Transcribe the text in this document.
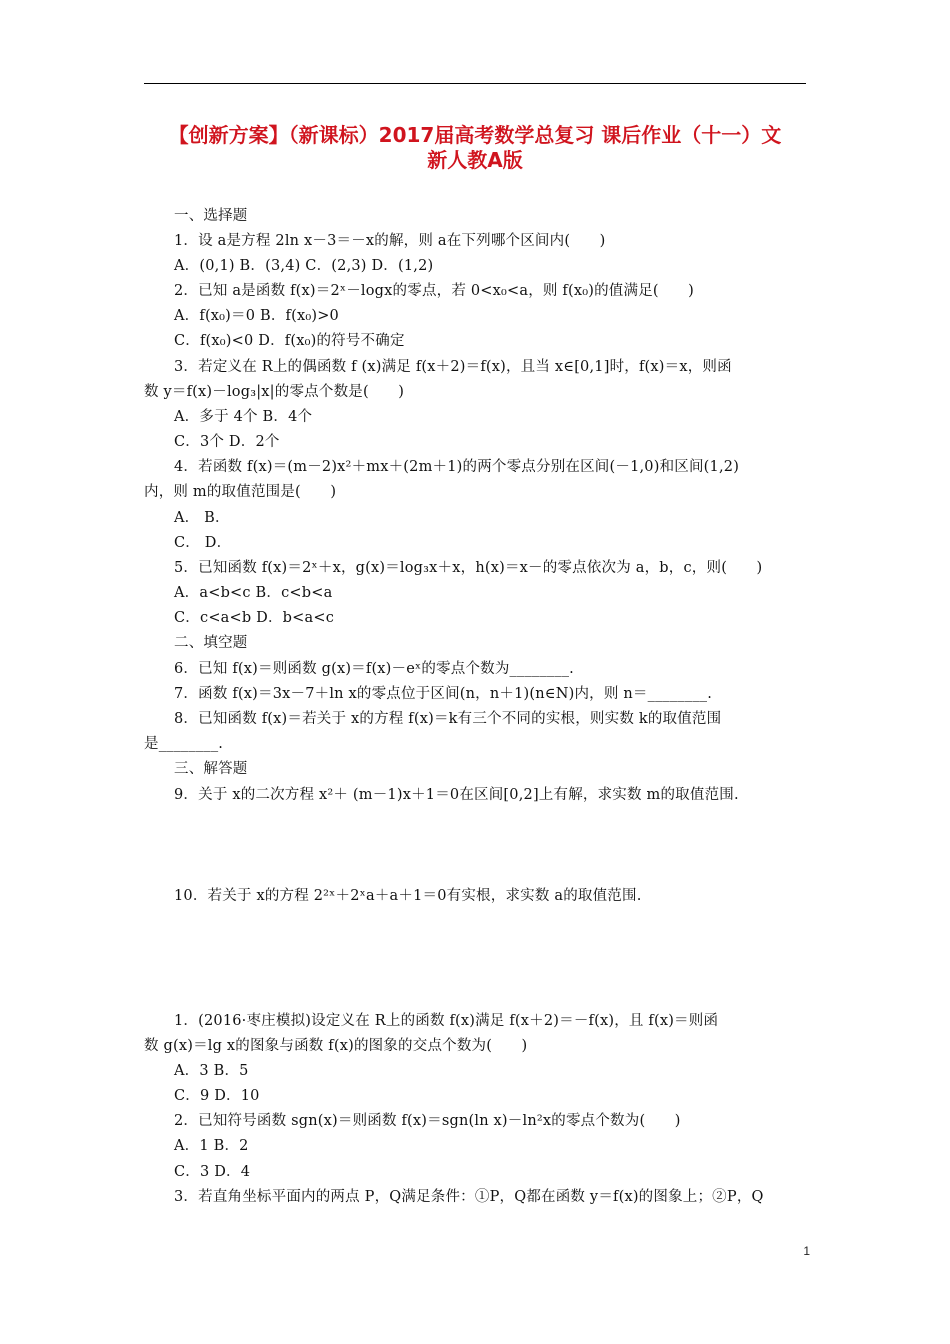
【创新方案】（新课标）2017届高考数学总复习 课后作业（十一）文
新人教A版
一、选择题
1．设 a是方程 2ln x－3＝－x的解，则 a在下列哪个区间内(　　)
A．(0,1) B．(3,4) C．(2,3) D．(1,2)
2．已知 a是函数 f(x)＝2ˣ－logx的零点，若 0<x₀<a，则 f(x₀)的值满足(　　)
A．f(x₀)＝0 B．f(x₀)>0
C．f(x₀)<0 D．f(x₀)的符号不确定
3．若定义在 R上的偶函数 f (x)满足 f(x＋2)＝f(x)，且当 x∈[0,1]时，f(x)＝x，则函
数 y＝f(x)－log₃|x|的零点个数是(　　)
A．多于 4个 B．4个
C．3个 D．2个
4．若函数 f(x)＝(m－2)x²＋mx＋(2m＋1)的两个零点分别在区间(－1,0)和区间(1,2)
内，则 m的取值范围是(　　)
A． B．
C． D．
5．已知函数 f(x)＝2ˣ＋x，g(x)＝log₃x＋x，h(x)＝x－的零点依次为 a，b，c，则(　　)
A．a<b<c B．c<b<a
C．c<a<b D．b<a<c
二、填空题
6．已知 f(x)＝则函数 g(x)＝f(x)－eˣ的零点个数为________.
7．函数 f(x)＝3x－7＋ln x的零点位于区间(n，n＋1)(n∈N)内，则 n＝________.
8．已知函数 f(x)＝若关于 x的方程 f(x)＝k有三个不同的实根，则实数 k的取值范围
是________.
三、解答题
9．关于 x的二次方程 x²＋ (m－1)x＋1＝0在区间[0,2]上有解，求实数 m的取值范围.
10．若关于 x的方程 2²ˣ＋2ˣa＋a＋1＝0有实根，求实数 a的取值范围.
1．(2016·枣庄模拟)设定义在 R上的函数 f(x)满足 f(x＋2)＝－f(x)，且 f(x)＝则函
数 g(x)＝lg x的图象与函数 f(x)的图象的交点个数为(　　)
A．3 B．5
C．9 D．10
2．已知符号函数 sgn(x)＝则函数 f(x)＝sgn(ln x)－ln²x的零点个数为(　　)
A．1 B．2
C．3 D．4
3．若直角坐标平面内的两点 P，Q满足条件：①P，Q都在函数 y＝f(x)的图象上；②P，Q
1
